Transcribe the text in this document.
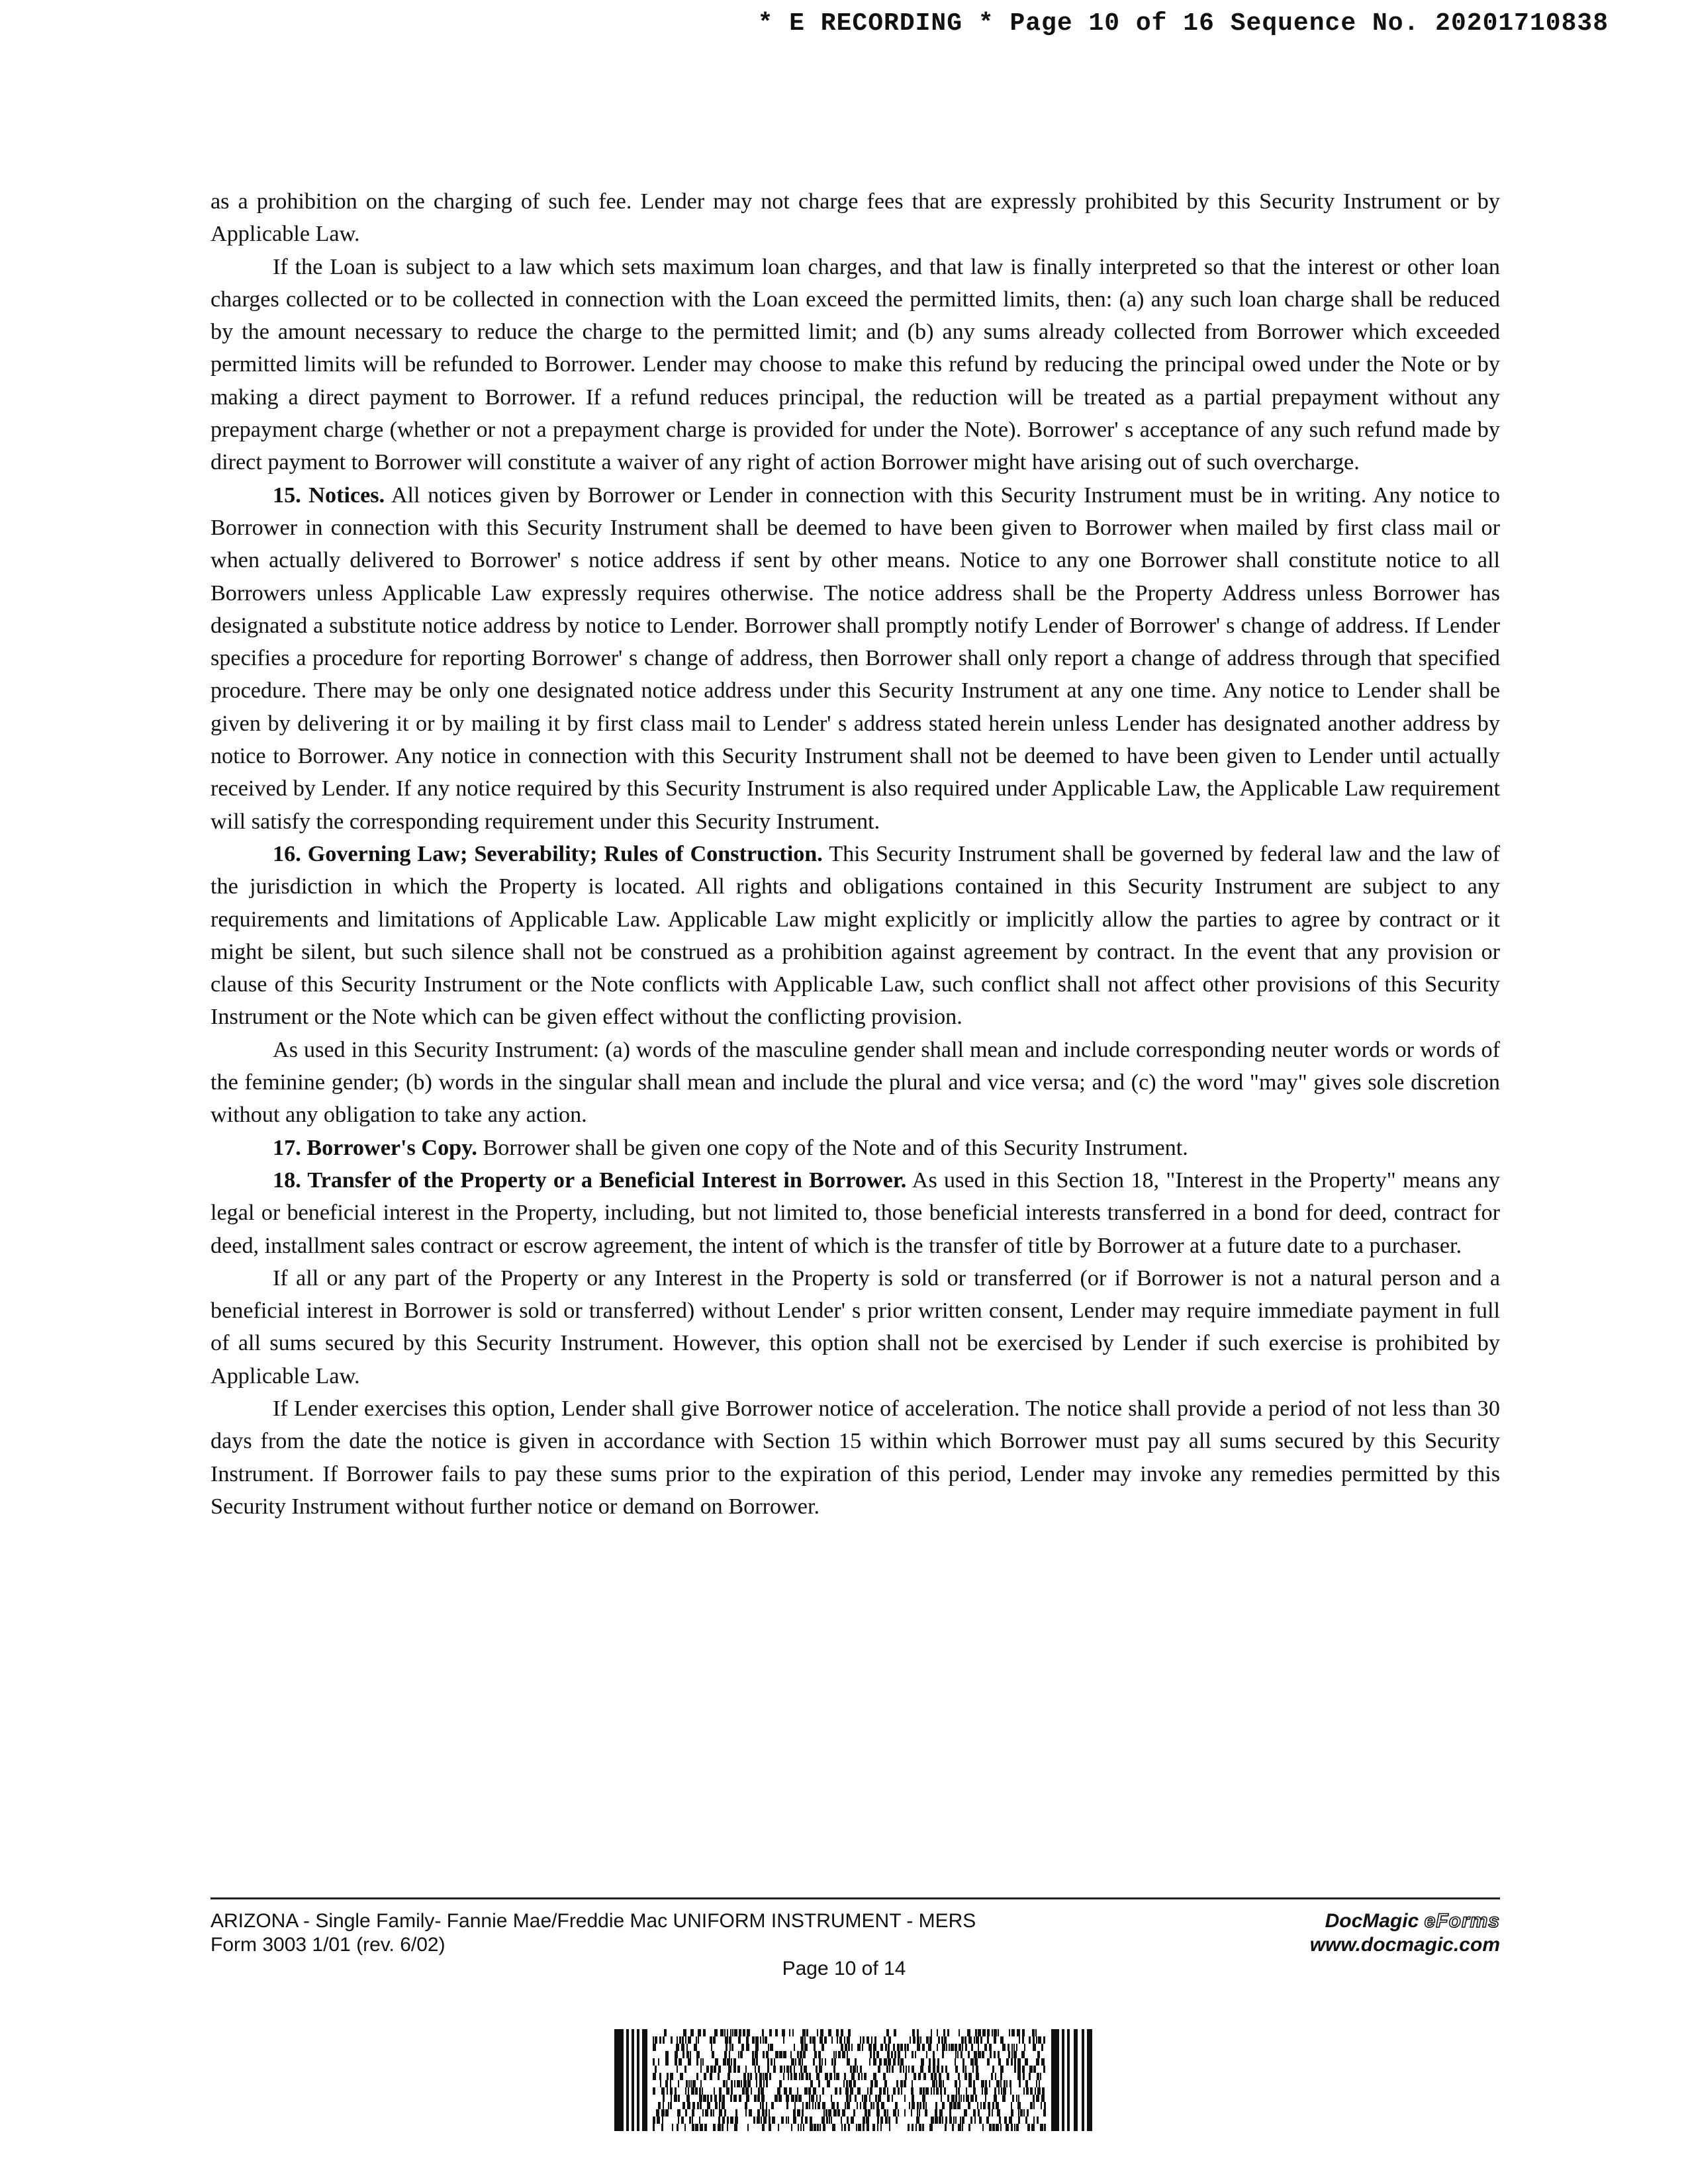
* E RECORDING * Page 10 of 16 Sequence No. 20201710838

as a prohibition on the charging of such fee. Lender may not charge fees that are expressly prohibited by this Security Instrument or by Applicable Law.

If the Loan is subject to a law which sets maximum loan charges, and that law is finally interpreted so that the interest or other loan charges collected or to be collected in connection with the Loan exceed the permitted limits, then: (a) any such loan charge shall be reduced by the amount necessary to reduce the charge to the permitted limit; and (b) any sums already collected from Borrower which exceeded permitted limits will be refunded to Borrower. Lender may choose to make this refund by reducing the principal owed under the Note or by making a direct payment to Borrower. If a refund reduces principal, the reduction will be treated as a partial prepayment without any prepayment charge (whether or not a prepayment charge is provided for under the Note). Borrower' s acceptance of any such refund made by direct payment to Borrower will constitute a waiver of any right of action Borrower might have arising out of such overcharge.

15. Notices. All notices given by Borrower or Lender in connection with this Security Instrument must be in writing. Any notice to Borrower in connection with this Security Instrument shall be deemed to have been given to Borrower when mailed by first class mail or when actually delivered to Borrower' s notice address if sent by other means. Notice to any one Borrower shall constitute notice to all Borrowers unless Applicable Law expressly requires otherwise. The notice address shall be the Property Address unless Borrower has designated a substitute notice address by notice to Lender. Borrower shall promptly notify Lender of Borrower' s change of address. If Lender specifies a procedure for reporting Borrower' s change of address, then Borrower shall only report a change of address through that specified procedure. There may be only one designated notice address under this Security Instrument at any one time. Any notice to Lender shall be given by delivering it or by mailing it by first class mail to Lender' s address stated herein unless Lender has designated another address by notice to Borrower. Any notice in connection with this Security Instrument shall not be deemed to have been given to Lender until actually received by Lender. If any notice required by this Security Instrument is also required under Applicable Law, the Applicable Law requirement will satisfy the corresponding requirement under this Security Instrument.

16. Governing Law; Severability; Rules of Construction. This Security Instrument shall be governed by federal law and the law of the jurisdiction in which the Property is located. All rights and obligations contained in this Security Instrument are subject to any requirements and limitations of Applicable Law. Applicable Law might explicitly or implicitly allow the parties to agree by contract or it might be silent, but such silence shall not be construed as a prohibition against agreement by contract. In the event that any provision or clause of this Security Instrument or the Note conflicts with Applicable Law, such conflict shall not affect other provisions of this Security Instrument or the Note which can be given effect without the conflicting provision.

As used in this Security Instrument: (a) words of the masculine gender shall mean and include corresponding neuter words or words of the feminine gender; (b) words in the singular shall mean and include the plural and vice versa; and (c) the word "may" gives sole discretion without any obligation to take any action.

17. Borrower's Copy. Borrower shall be given one copy of the Note and of this Security Instrument.

18. Transfer of the Property or a Beneficial Interest in Borrower. As used in this Section 18, "Interest in the Property" means any legal or beneficial interest in the Property, including, but not limited to, those beneficial interests transferred in a bond for deed, contract for deed, installment sales contract or escrow agreement, the intent of which is the transfer of title by Borrower at a future date to a purchaser.

If all or any part of the Property or any Interest in the Property is sold or transferred (or if Borrower is not a natural person and a beneficial interest in Borrower is sold or transferred) without Lender' s prior written consent, Lender may require immediate payment in full of all sums secured by this Security Instrument. However, this option shall not be exercised by Lender if such exercise is prohibited by Applicable Law.

If Lender exercises this option, Lender shall give Borrower notice of acceleration. The notice shall provide a period of not less than 30 days from the date the notice is given in accordance with Section 15 within which Borrower must pay all sums secured by this Security Instrument. If Borrower fails to pay these sums prior to the expiration of this period, Lender may invoke any remedies permitted by this Security Instrument without further notice or demand on Borrower.

ARIZONA - Single Family- Fannie Mae/Freddie Mac UNIFORM INSTRUMENT - MERS
Form 3003 1/01 (rev. 6/02)
DocMagic eForms
www.docmagic.com
Page 10 of 14
